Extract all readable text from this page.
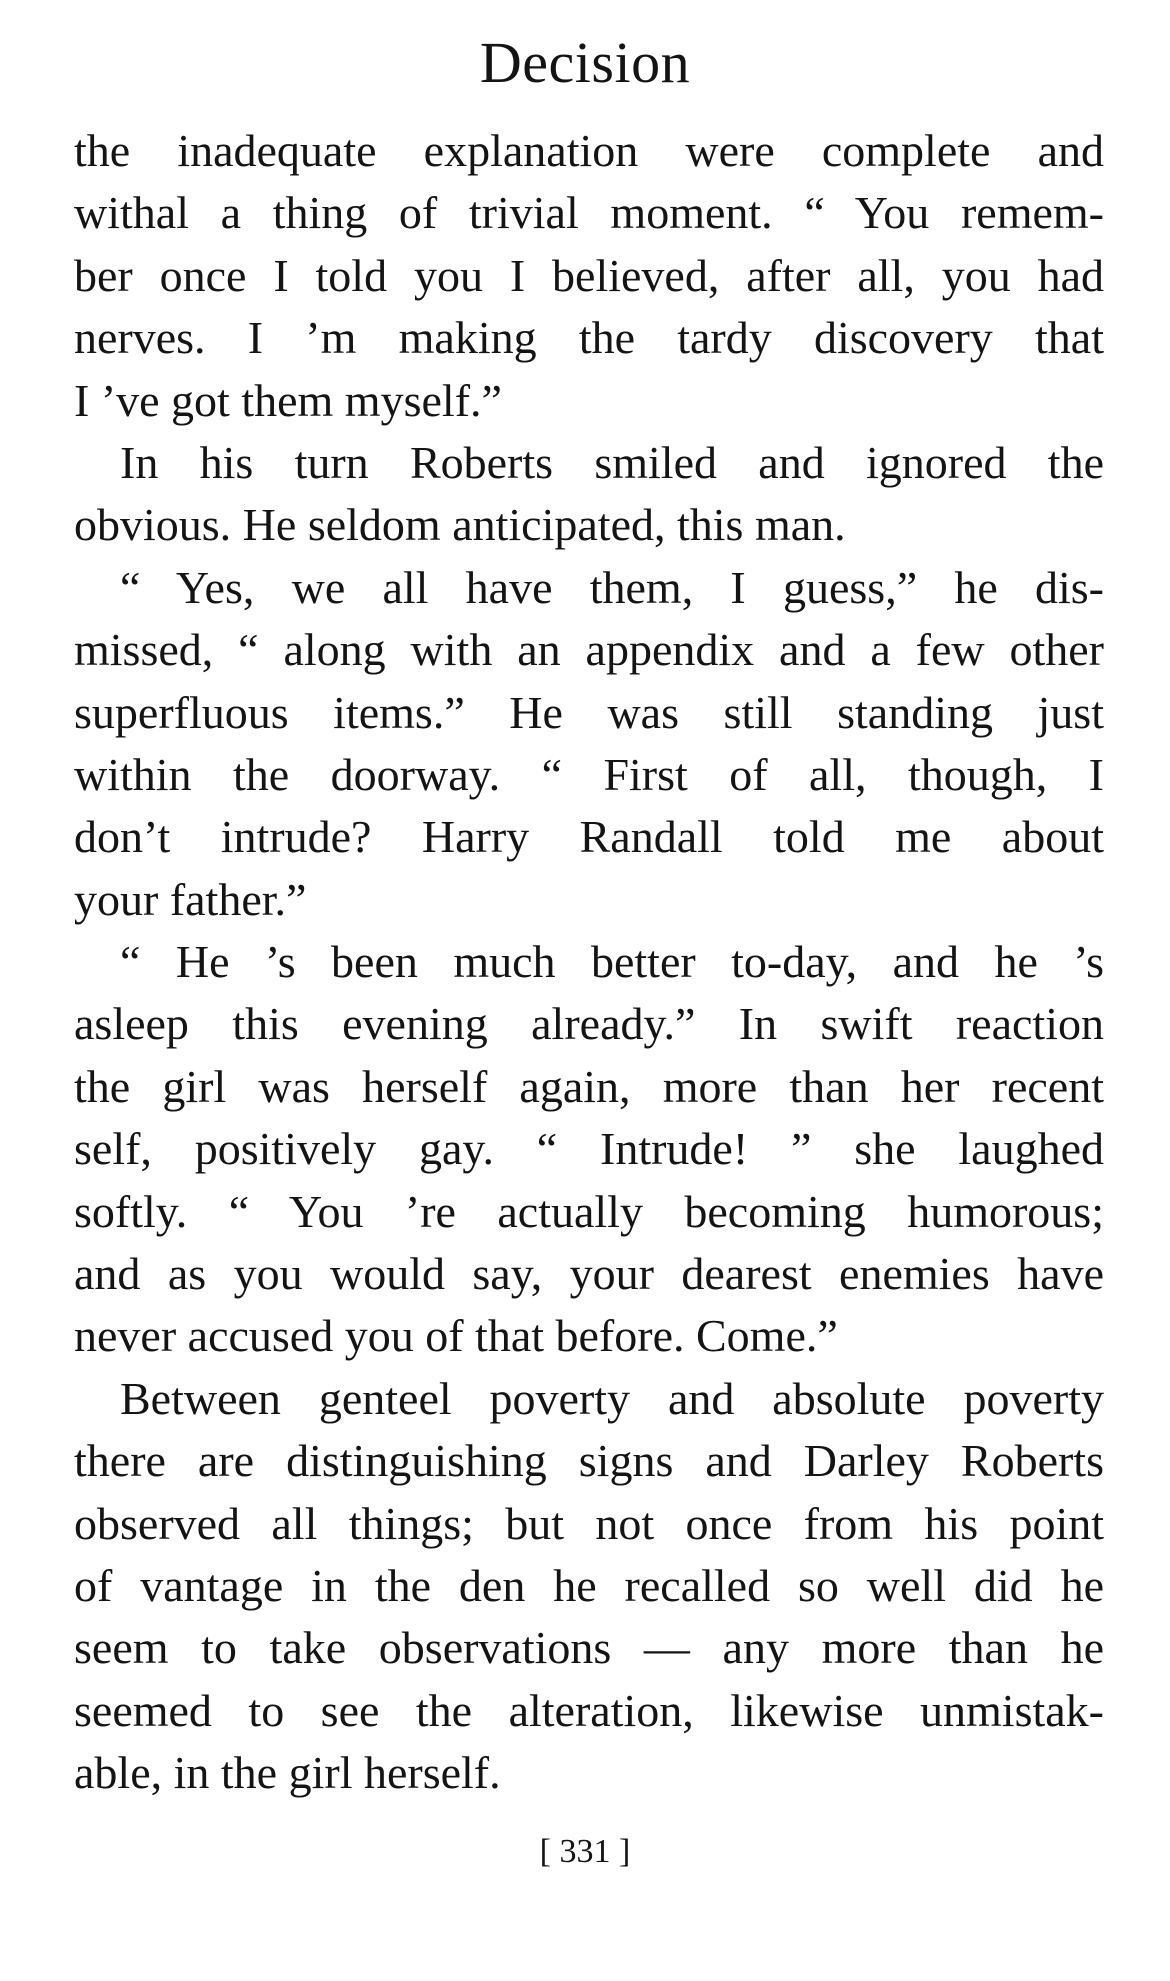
Decision
the inadequate explanation were complete and
withal a thing of trivial moment. “ You remem-
ber once I told you I believed, after all, you had
nerves. I ’m making the tardy discovery that
I ’ve got them myself.”
In his turn Roberts smiled and ignored the
obvious. He seldom anticipated, this man.
“ Yes, we all have them, I guess,” he dis-
missed, “ along with an appendix and a few other
superfluous items.” He was still standing just
within the doorway. “ First of all, though, I
don’t intrude? Harry Randall told me about
your father.”
“ He ’s been much better to-day, and he ’s
asleep this evening already.” In swift reaction
the girl was herself again, more than her recent
self, positively gay. “ Intrude! ” she laughed
softly. “ You ’re actually becoming humorous;
and as you would say, your dearest enemies have
never accused you of that before. Come.”
Between genteel poverty and absolute poverty
there are distinguishing signs and Darley Roberts
observed all things; but not once from his point
of vantage in the den he recalled so well did he
seem to take observations — any more than he
seemed to see the alteration, likewise unmistak-
able, in the girl herself.
[ 331 ]
